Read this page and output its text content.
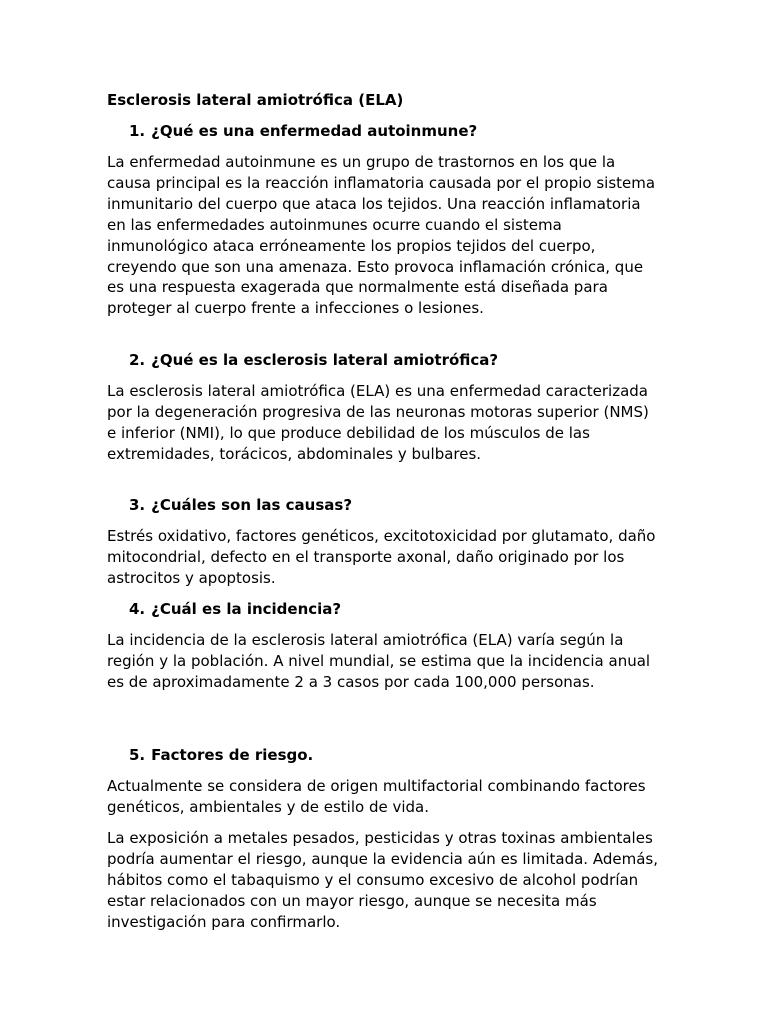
Esclerosis lateral amiotrófica (ELA)
1. ¿Qué es una enfermedad autoinmune?

La enfermedad autoinmune es un grupo de trastornos en los que la
causa principal es la reacción inflamatoria causada por el propio sistema
inmunitario del cuerpo que ataca los tejidos. Una reacción inflamatoria
en las enfermedades autoinmunes ocurre cuando el sistema
inmunológico ataca erróneamente los propios tejidos del cuerpo,
creyendo que son una amenaza. Esto provoca inflamación crónica, que
es una respuesta exagerada que normalmente está diseñada para
proteger al cuerpo frente a infecciones o lesiones.

2. ¿Qué es la esclerosis lateral amiotrófica?

La esclerosis lateral amiotrófica (ELA) es una enfermedad caracterizada
por la degeneración progresiva de las neuronas motoras superior (NMS)
e inferior (NMI), lo que produce debilidad de los músculos de las
extremidades, torácicos, abdominales y bulbares.

3. ¿Cuáles son las causas?

Estrés oxidativo, factores genéticos, excitotoxicidad por glutamato, daño
mitocondrial, defecto en el transporte axonal, daño originado por los
astrocitos y apoptosis.

4. ¿Cuál es la incidencia?

La incidencia de la esclerosis lateral amiotrófica (ELA) varía según la
región y la población. A nivel mundial, se estima que la incidencia anual
es de aproximadamente 2 a 3 casos por cada 100,000 personas.

5. Factores de riesgo.

Actualmente se considera de origen multifactorial combinando factores
genéticos, ambientales y de estilo de vida.

La exposición a metales pesados, pesticidas y otras toxinas ambientales
podría aumentar el riesgo, aunque la evidencia aún es limitada. Además,
hábitos como el tabaquismo y el consumo excesivo de alcohol podrían
estar relacionados con un mayor riesgo, aunque se necesita más
investigación para confirmarlo.
